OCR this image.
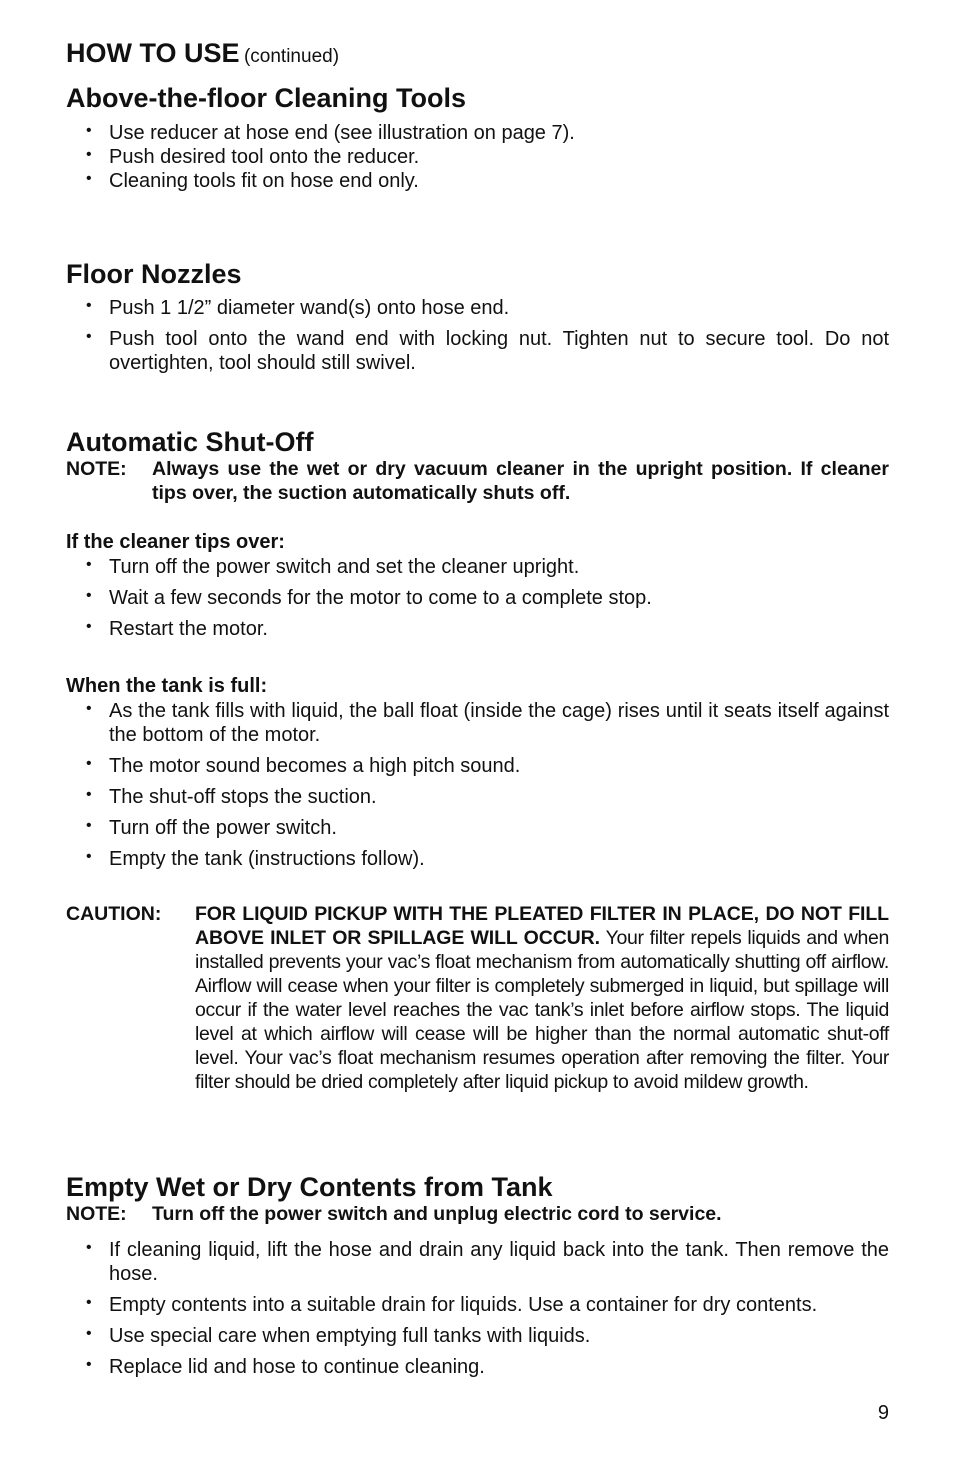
HOW TO USE (continued)
Above-the-floor Cleaning Tools
• Use reducer at hose end (see illustration on page 7).
• Push desired tool onto the reducer.
• Cleaning tools fit on hose end only.
Floor Nozzles
• Push 1 1/2” diameter wand(s) onto hose end.
• Push tool onto the wand end with locking nut. Tighten nut to secure tool. Do not overtighten, tool should still swivel.
Automatic Shut-Off
NOTE: Always use the wet or dry vacuum cleaner in the upright position. If cleaner tips over, the suction automatically shuts off.
If the cleaner tips over:
• Turn off the power switch and set the cleaner upright.
• Wait a few seconds for the motor to come to a complete stop.
• Restart the motor.
When the tank is full:
• As the tank fills with liquid, the ball float (inside the cage) rises until it seats itself against the bottom of the motor.
• The motor sound becomes a high pitch sound.
• The shut-off stops the suction.
• Turn off the power switch.
• Empty the tank (instructions follow).
CAUTION: FOR LIQUID PICKUP WITH THE PLEATED FILTER IN PLACE, DO NOT FILL ABOVE INLET OR SPILLAGE WILL OCCUR. Your filter repels liquids and when installed prevents your vac’s float mechanism from automatically shutting off airflow. Airflow will cease when your filter is completely submerged in liquid, but spillage will occur if the water level reaches the vac tank’s inlet before airflow stops. The liquid level at which airflow will cease will be higher than the normal automatic shut-off level. Your vac’s float mechanism resumes operation after removing the filter. Your filter should be dried completely after liquid pickup to avoid mildew growth.
Empty Wet or Dry Contents from Tank
NOTE: Turn off the power switch and unplug electric cord to service.
• If cleaning liquid, lift the hose and drain any liquid back into the tank. Then remove the hose.
• Empty contents into a suitable drain for liquids. Use a container for dry contents.
• Use special care when emptying full tanks with liquids.
• Replace lid and hose to continue cleaning.
9
